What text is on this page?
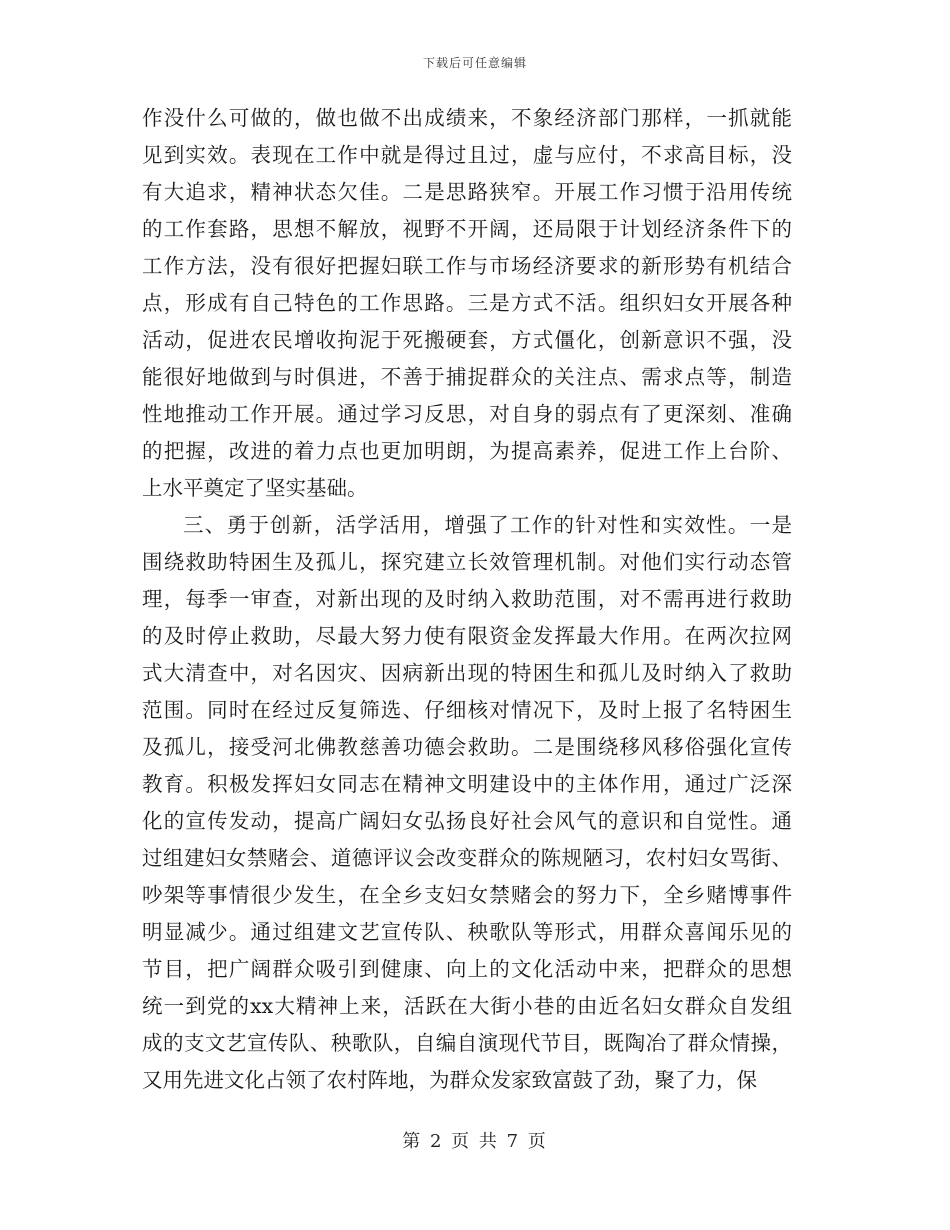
下载后可任意编辑
作没什么可做的，做也做不出成绩来，不象经济部门那样，一抓就能
见到实效。表现在工作中就是得过且过，虚与应付，不求高目标，没
有大追求，精神状态欠佳。二是思路狭窄。开展工作习惯于沿用传统
的工作套路，思想不解放，视野不开阔，还局限于计划经济条件下的
工作方法，没有很好把握妇联工作与市场经济要求的新形势有机结合
点，形成有自己特色的工作思路。三是方式不活。组织妇女开展各种
活动，促进农民增收拘泥于死搬硬套，方式僵化，创新意识不强，没
能很好地做到与时俱进，不善于捕捉群众的关注点、需求点等，制造
性地推动工作开展。通过学习反思，对自身的弱点有了更深刻、准确
的把握，改进的着力点也更加明朗，为提高素养，促进工作上台阶、
上水平奠定了坚实基础。
三、勇于创新，活学活用，增强了工作的针对性和实效性。一是
围绕救助特困生及孤儿，探究建立长效管理机制。对他们实行动态管
理，每季一审查，对新出现的及时纳入救助范围，对不需再进行救助
的及时停止救助，尽最大努力使有限资金发挥最大作用。在两次拉网
式大清查中，对名因灾、因病新出现的特困生和孤儿及时纳入了救助
范围。同时在经过反复筛选、仔细核对情况下，及时上报了名特困生
及孤儿，接受河北佛教慈善功德会救助。二是围绕移风移俗强化宣传
教育。积极发挥妇女同志在精神文明建设中的主体作用，通过广泛深
化的宣传发动，提高广阔妇女弘扬良好社会风气的意识和自觉性。通
过组建妇女禁赌会、道德评议会改变群众的陈规陋习，农村妇女骂街、
吵架等事情很少发生，在全乡支妇女禁赌会的努力下，全乡赌博事件
明显减少。通过组建文艺宣传队、秧歌队等形式，用群众喜闻乐见的
节目，把广阔群众吸引到健康、向上的文化活动中来，把群众的思想
统一到党的xx大精神上来，活跃在大街小巷的由近名妇女群众自发组
成的支文艺宣传队、秧歌队，自编自演现代节目，既陶冶了群众情操，
又用先进文化占领了农村阵地，为群众发家致富鼓了劲，聚了力，保
第 2 页 共 7 页
